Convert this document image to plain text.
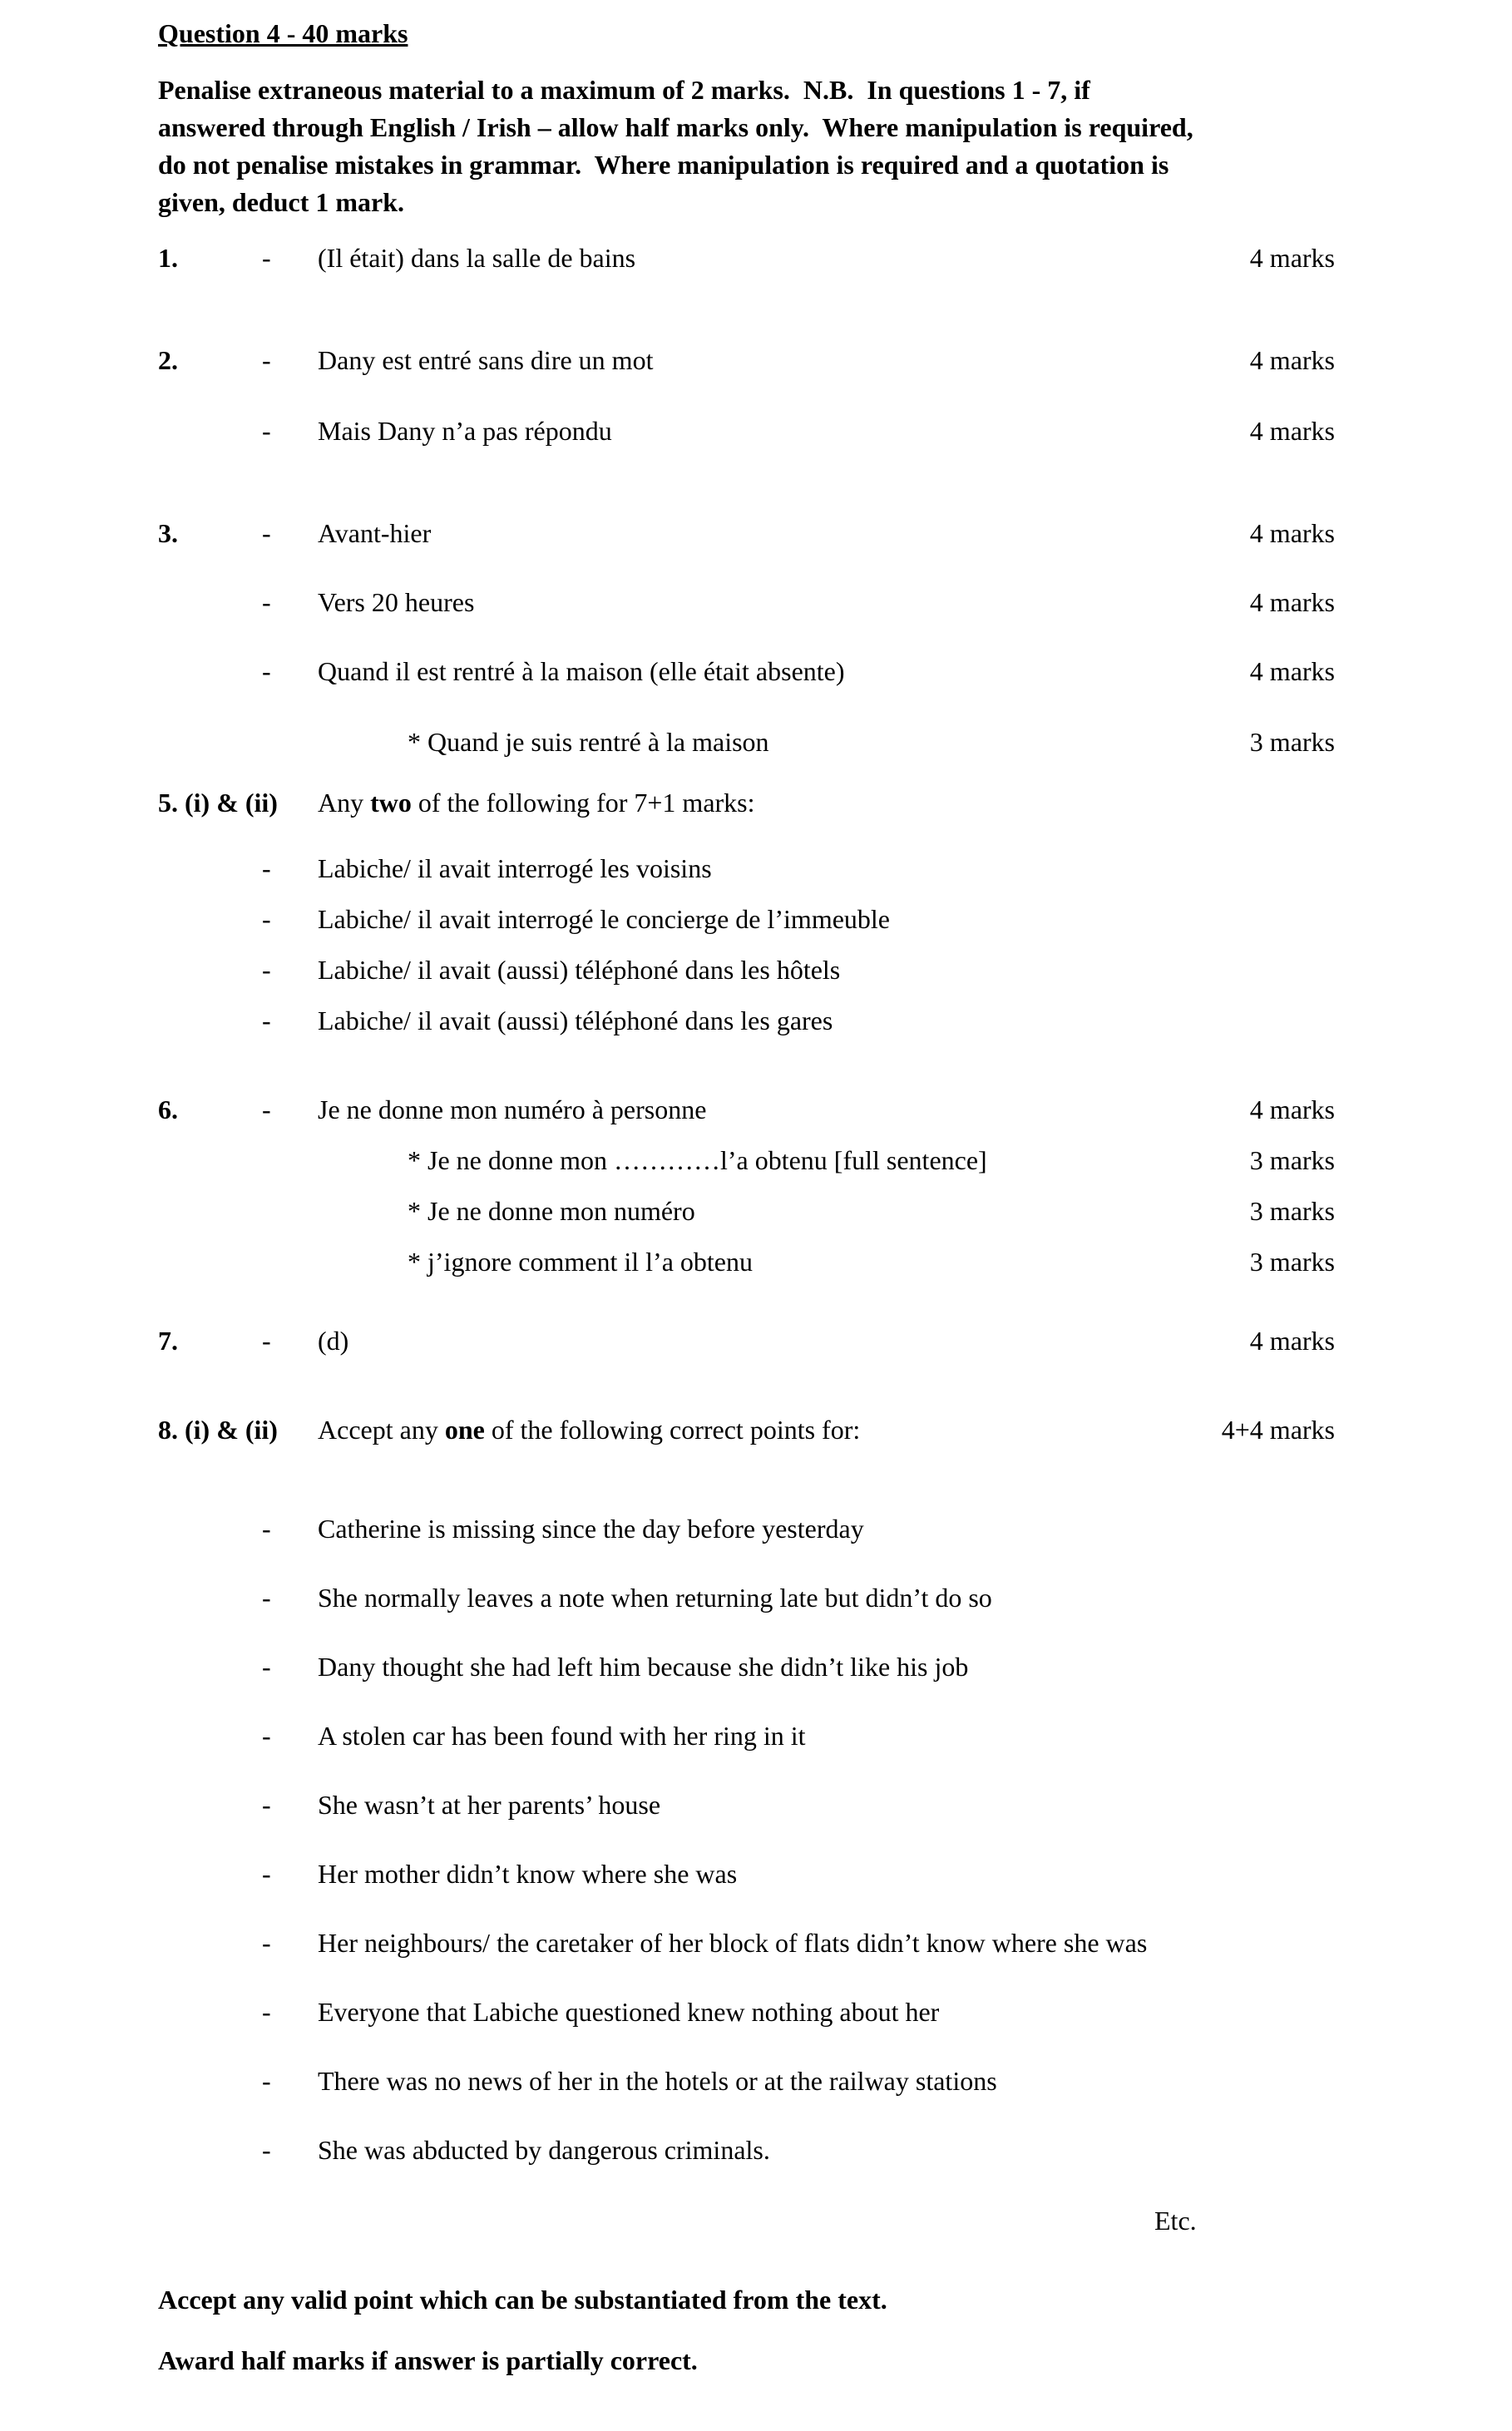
Question 4 - 40 marks
Penalise extraneous material to a maximum of 2 marks.  N.B.  In questions 1 - 7, if
answered through English / Irish – allow half marks only.  Where manipulation is required,
do not penalise mistakes in grammar.  Where manipulation is required and a quotation is
given, deduct 1 mark.
1.	-	(Il était) dans la salle de bains	4 marks
2.	-	Dany est entré sans dire un mot	4 marks
-	Mais Dany n’a pas répondu	4 marks
3.	-	Avant-hier	4 marks
-	Vers 20 heures	4 marks
-	Quand il est rentré à la maison (elle était absente)	4 marks
* Quand je suis rentré à la maison	3 marks
5. (i) & (ii)	Any two of the following for 7+1 marks:
-	Labiche/ il avait interrogé les voisins
-	Labiche/ il avait interrogé le concierge de l’immeuble
-	Labiche/ il avait (aussi) téléphoné dans les hôtels
-	Labiche/ il avait (aussi) téléphoné dans les gares
6.	-	Je ne donne mon numéro à personne	4 marks
* Je ne donne mon …………l’a obtenu [full sentence]	3 marks
* Je ne donne mon numéro	3 marks
* j’ignore comment il l’a obtenu	3 marks
7.	-	(d)	4 marks
8. (i) & (ii)	Accept any one of the following correct points for:	4+4 marks
-	Catherine is missing since the day before yesterday
-	She normally leaves a note when returning late but didn’t do so
-	Dany thought she had left him because she didn’t like his job
-	A stolen car has been found with her ring in it
-	She wasn’t at her parents’ house
-	Her mother didn’t know where she was
-	Her neighbours/ the caretaker of her block of flats didn’t know where she was
-	Everyone that Labiche questioned knew nothing about her
-	There was no news of her in the hotels or at the railway stations
-	She was abducted by dangerous criminals.
Etc.
Accept any valid point which can be substantiated from the text.
Award half marks if answer is partially correct.
